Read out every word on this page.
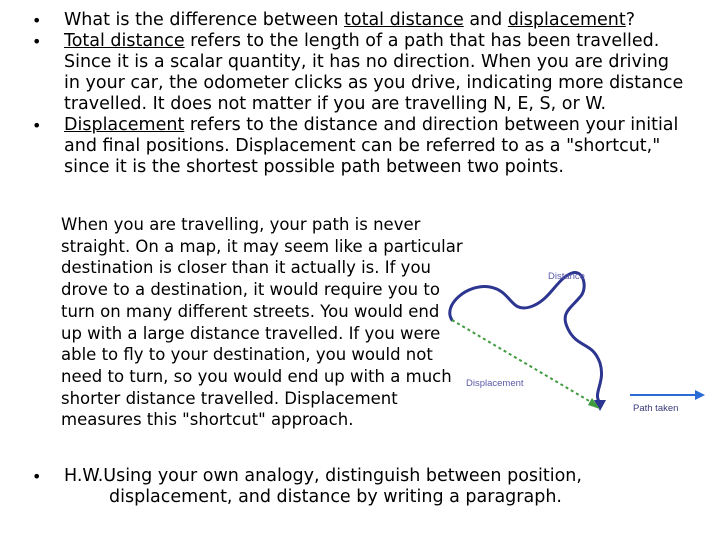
• What is the difference between total distance and displacement?
• Total distance refers to the length of a path that has been travelled.
Since it is a scalar quantity, it has no direction. When you are driving
in your car, the odometer clicks as you drive, indicating more distance
travelled. It does not matter if you are travelling N, E, S, or W.
• Displacement refers to the distance and direction between your initial
and final positions. Displacement can be referred to as a "shortcut,"
since it is the shortest possible path between two points.
When you are travelling, your path is never
straight. On a map, it may seem like a particular
destination is closer than it actually is. If you
drove to a destination, it would require you to
turn on many different streets. You would end
up with a large distance travelled. If you were
able to fly to your destination, you would not
need to turn, so you would end up with a much
shorter distance travelled. Displacement
measures this "shortcut" approach.
Distance
Displacement
Path taken
• H.W.Using your own analogy, distinguish between position,
displacement, and distance by writing a paragraph.
